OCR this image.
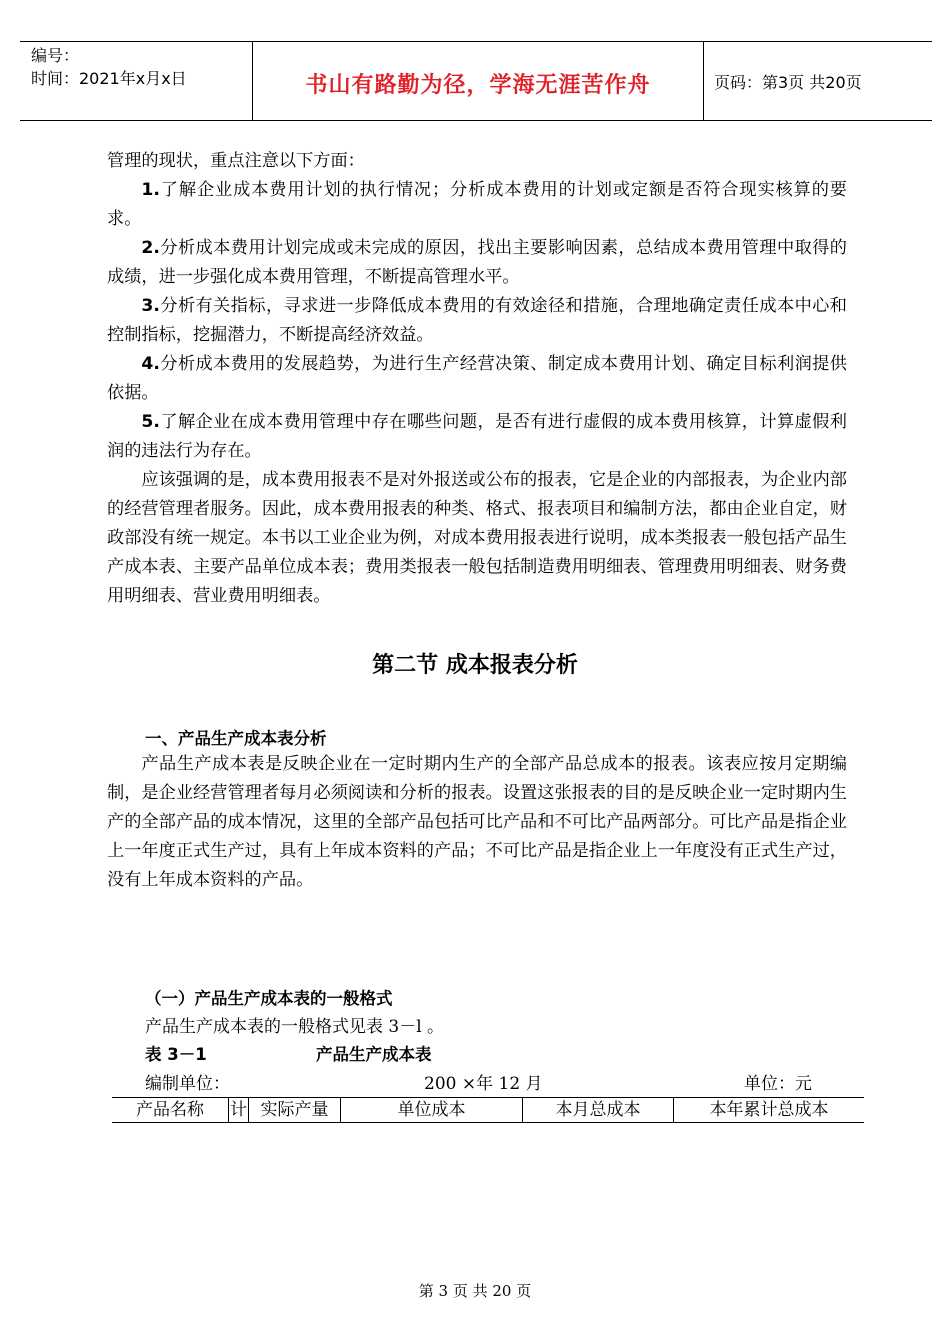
编号：
时间：2021年x月x日	书山有路勤为径，学海无涯苦作舟	页码：第3页 共20页

管理的现状，重点注意以下方面：

1.了解企业成本费用计划的执行情况；分析成本费用的计划或定额是否符合现实核算的要求。

2.分析成本费用计划完成或未完成的原因，找出主要影响因素，总结成本费用管理中取得的成绩，进一步强化成本费用管理，不断提高管理水平。

3.分析有关指标，寻求进一步降低成本费用的有效途径和措施，合理地确定责任成本中心和控制指标，挖掘潜力，不断提高经济效益。

4.分析成本费用的发展趋势，为进行生产经营决策、制定成本费用计划、确定目标利润提供依据。

5.了解企业在成本费用管理中存在哪些问题，是否有进行虚假的成本费用核算，计算虚假利润的违法行为存在。

应该强调的是，成本费用报表不是对外报送或公布的报表，它是企业的内部报表，为企业内部的经营管理者服务。因此，成本费用报表的种类、格式、报表项目和编制方法，都由企业自定，财政部没有统一规定。本书以工业企业为例，对成本费用报表进行说明，成本类报表一般包括产品生产成本表、主要产品单位成本表；费用类报表一般包括制造费用明细表、管理费用明细表、财务费用明细表、营业费用明细表。

第二节 成本报表分析
一、产品生产成本表分析

产品生产成本表是反映企业在一定时期内生产的全部产品总成本的报表。该表应按月定期编制，是企业经营管理者每月必须阅读和分析的报表。设置这张报表的目的是反映企业一定时期内生产的全部产品的成本情况，这里的全部产品包括可比产品和不可比产品两部分。可比产品是指企业上一年度正式生产过，具有上年成本资料的产品；不可比产品是指企业上一年度没有正式生产过，没有上年成本资料的产品。

（一）产品生产成本表的一般格式
产品生产成本表的一般格式见表 3－l 。
表 3－1	产品生产成本表
编制单位：	200 ×年 12 月	单位：元
产品名称	计 实际产量	单位成本	本月总成本	本年累计总成本
第 3 页 共 20 页
